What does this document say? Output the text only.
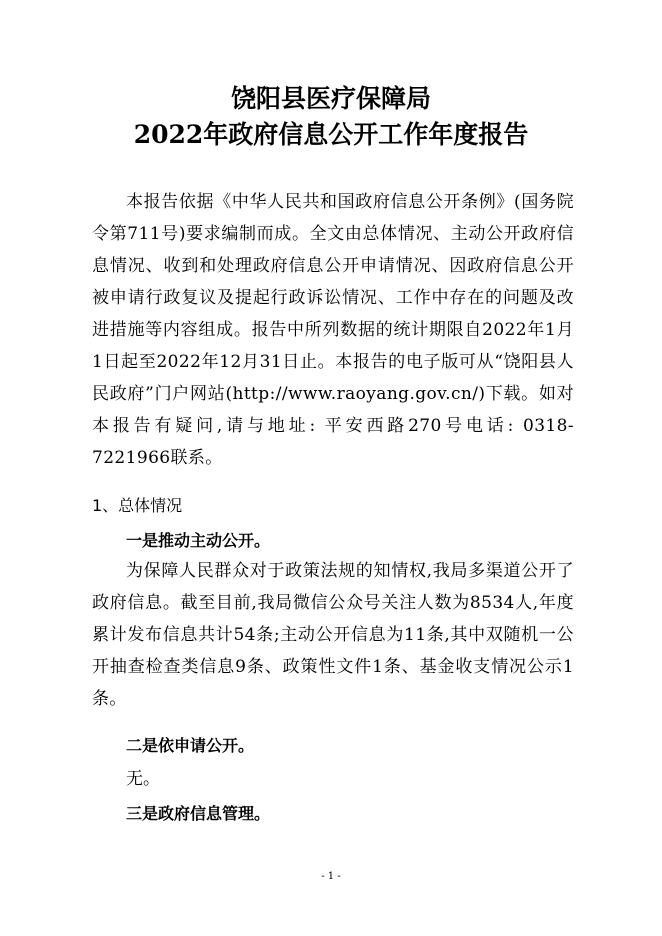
饶阳县医疗保障局
2022年政府信息公开工作年度报告

本报告依据《中华人民共和国政府信息公开条例》(国务院令第711号)要求编制而成。全文由总体情况、主动公开政府信息情况、收到和处理政府信息公开申请情况、因政府信息公开被申请行政复议及提起行政诉讼情况、工作中存在的问题及改进措施等内容组成。报告中所列数据的统计期限自2022年1月1日起至2022年12月31日止。本报告的电子版可从“饶阳县人民政府”门户网站(http://www.raoyang.gov.cn/)下载。如对本报告有疑问,请与地址: 平安西路270号电话: 0318-7221966联系。

1、总体情况
一是推动主动公开。

为保障人民群众对于政策法规的知情权,我局多渠道公开了政府信息。截至目前,我局微信公众号关注人数为8534人,年度累计发布信息共计54条;主动公开信息为11条,其中双随机一公开抽查检查类信息9条、政策性文件1条、基金收支情况公示1条。

二是依申请公开。
无。
三是政府信息管理。
- 1 -
